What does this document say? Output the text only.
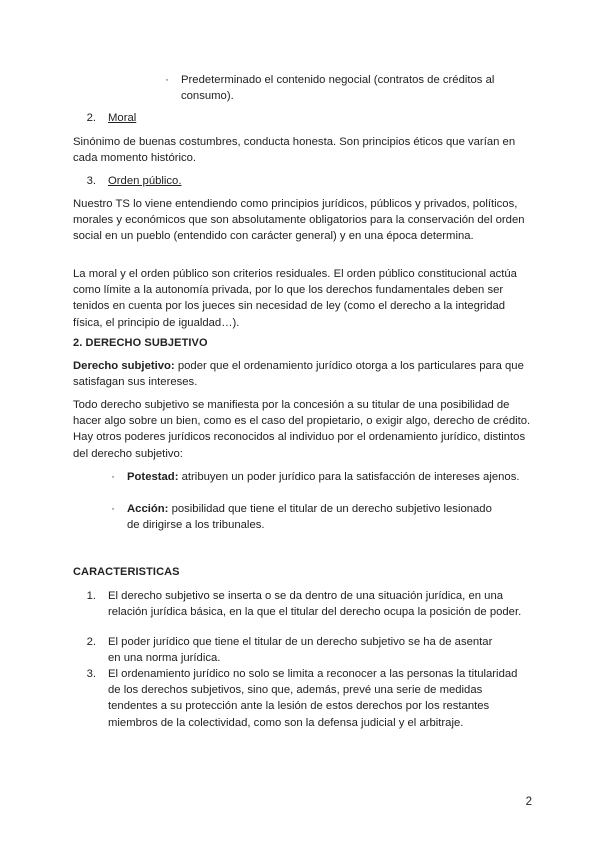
· Predeterminado el contenido negocial (contratos de créditos al consumo).

2. Moral

Sinónimo de buenas costumbres, conducta honesta. Son principios éticos que varían en cada momento histórico.

3. Orden público.

Nuestro TS lo viene entendiendo como principios jurídicos, públicos y privados, políticos, morales y económicos que son absolutamente obligatorios para la conservación del orden social en un pueblo (entendido con carácter general) y en una época determina.

La moral y el orden público son criterios residuales. El orden público constitucional actúa como límite a la autonomía privada, por lo que los derechos fundamentales deben ser tenidos en cuenta por los jueces sin necesidad de ley (como el derecho a la integridad física, el principio de igualdad…).

2. DERECHO SUBJETIVO

Derecho subjetivo: poder que el ordenamiento jurídico otorga a los particulares para que satisfagan sus intereses.

Todo derecho subjetivo se manifiesta por la concesión a su titular de una posibilidad de hacer algo sobre un bien, como es el caso del propietario, o exigir algo, derecho de crédito. Hay otros poderes jurídicos reconocidos al individuo por el ordenamiento jurídico, distintos del derecho subjetivo:

· Potestad: atribuyen un poder jurídico para la satisfacción de intereses ajenos.

· Acción: posibilidad que tiene el titular de un derecho subjetivo lesionado de dirigirse a los tribunales.

CARACTERISTICAS
1. El derecho subjetivo se inserta o se da dentro de una situación jurídica, en una relación jurídica básica, en la que el titular del derecho ocupa la posición de poder.

2. El poder jurídico que tiene el titular de un derecho subjetivo se ha de asentar en una norma jurídica.

3. El ordenamiento jurídico no solo se limita a reconocer a las personas la titularidad de los derechos subjetivos, sino que, además, prevé una serie de medidas tendentes a su protección ante la lesión de estos derechos por los restantes miembros de la colectividad, como son la defensa judicial y el arbitraje.

2
